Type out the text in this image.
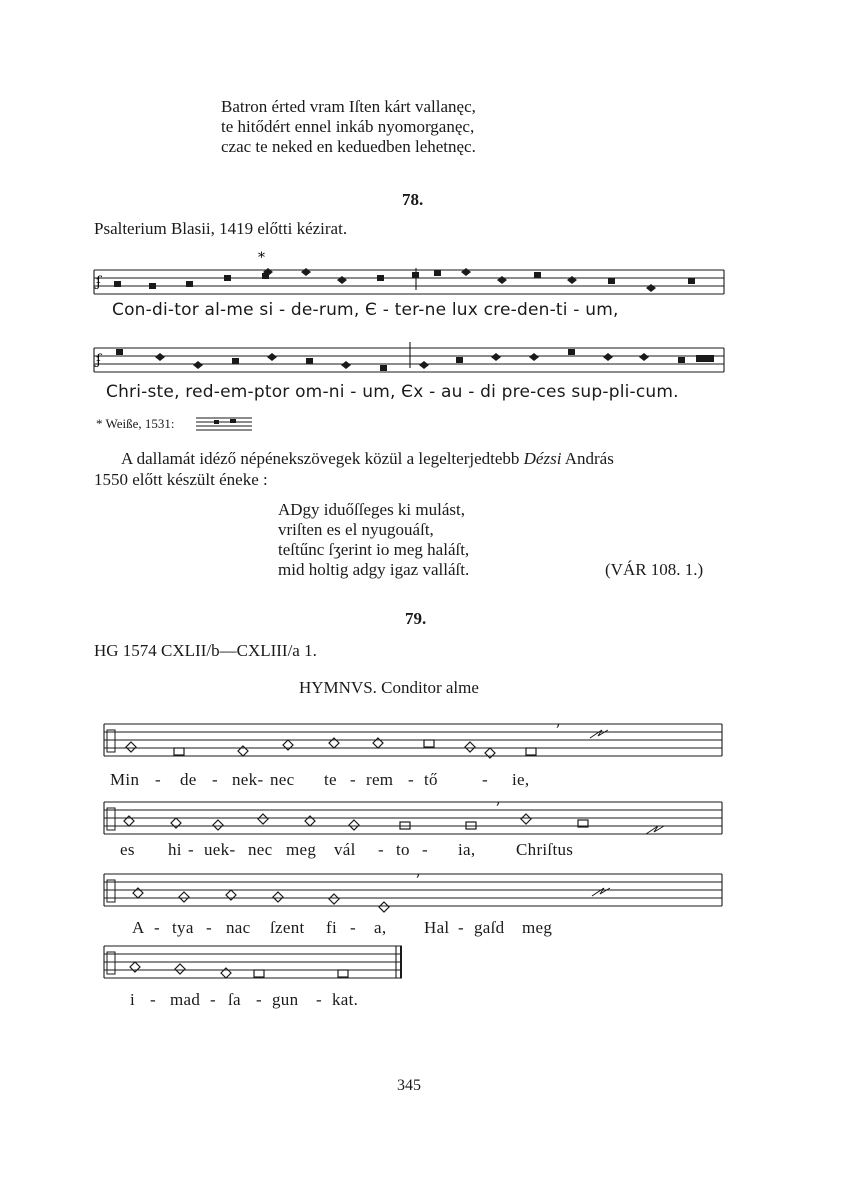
Batron érted vram Iſten kárt vallanęc,
te hitődért ennel inkáb nyomorganęc,
czac te neked en keduedben lehetnęc.
78.
Psalterium Blasii, 1419 előtti kézirat.
ʄ
*
Con-di-tor al-me si - de-rum, Є - ter-ne lux cre-den-ti - um,
ʄ
Chri-ste, red-em-ptor om-ni - um, Єx - au - di pre-ces sup-pli-cum.
* Weiße, 1531:
A dallamát idéző népénekszövegek közül a legelterjedtebb Dézsi András
1550 előtt készült éneke :
ADgy iduőſſeges ki mulást,
vriſten es el nyugouáſt,
teſtűnc ſʒerint io meg haláſt,
mid holtig adgy igaz valláſt.	(VÁR 108. 1.)
79.
HG 1574 CXLII/b—CXLIII/a 1.
HYMNVS. Conditor alme
,
Min - de - nek- nec te - rem - tő	- ie,
,
es hi - uek- nec meg vál - to - ia, Chriſtus
,
A - tya - nac ſzent fi - a, Hal - gaſd meg
i - mad - ſa - gun - kat.
345
